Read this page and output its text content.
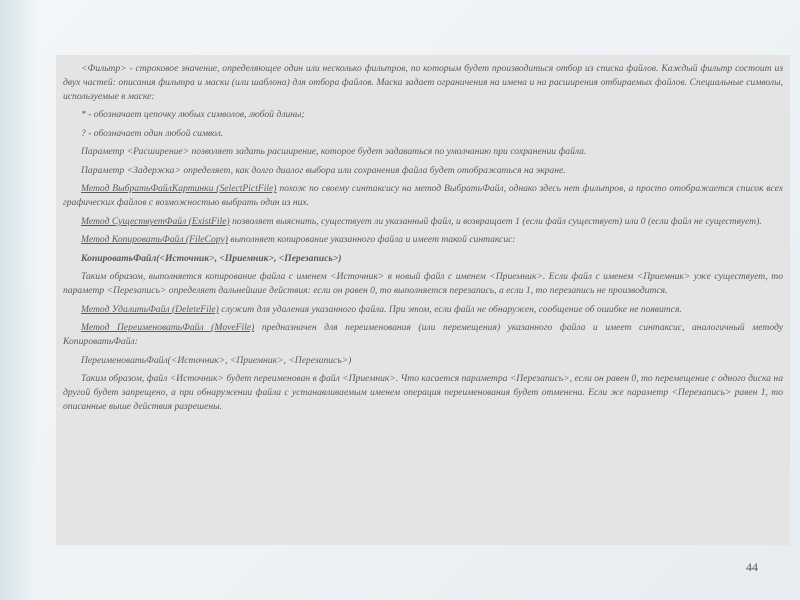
<Фильтр> - строковое значение, определяющее один или несколько фильтров, по которым будет производиться отбор из списка файлов. Каждый фильтр состоит из двух частей: описания фильтра и маски (или шаблона) для отбора файлов. Маска задает ограничения на имена и на расширения отбираемых файлов. Специальные символы, используемые в маске:

* - обозначает цепочку любых символов, любой длины;

? - обозначает один любой символ.

Параметр <Расширение> позволяет задать расширение, которое будет задаваться по умолчанию при сохранении файла.

Параметр <Задержка> определяет, как долго диалог выбора или сохранения файла будет отображаться на экране.

Метод ВыбратьФайлКартинки (SelectPictFile) похож по своему синтаксису на метод ВыбратьФайл, однако здесь нет фильтров, а просто отображается список всех графических файлов с возможностью выбрать один из них.

Метод СуществуетФайл (ExistFile) позволяет выяснить, существует ли указанный файл, и возвращает 1 (если файл существует) или 0 (если файл не существует).

Метод КопироватьФайл (FileCopy) выполняет копирование указанного файла и имеет такой синтаксис:

КопироватьФайл(<Источник>, <Приемник>, <Перезапись>)

Таким образом, выполняется копирование файла с именем <Источник> в новый файл с именем <Приемник>. Если файл с именем <Приемник> уже существует, то параметр <Перезапись> определяет дальнейшие действия: если он равен 0, то выполняется перезапись, а если 1, то перезапись не производится.

Метод УдалитьФайл (DeleteFile) служит для удаления указанного файла. При этом, если файл не обнаружен, сообщение об ошибке не появится.

Метод ПереименоватьФайл (MoveFile) предназначен для переименования (или перемещения) указанного файла и имеет синтаксис, аналогичный методу КопироватьФайл:

ПереименоватьФайл(<Источник>, <Приемник>, <Перезапись>)

Таким образом, файл <Источник> будет переименован в файл <Приемник>. Что касается параметра <Перезапись>, если он равен 0, то перемещение с одного диска на другой будет запрещено, а при обнаружении файла с устанавливаемым именем операция переименования будет отменена. Если же параметр <Перезапись> равен 1, то описанные выше действия разрешены.

44
